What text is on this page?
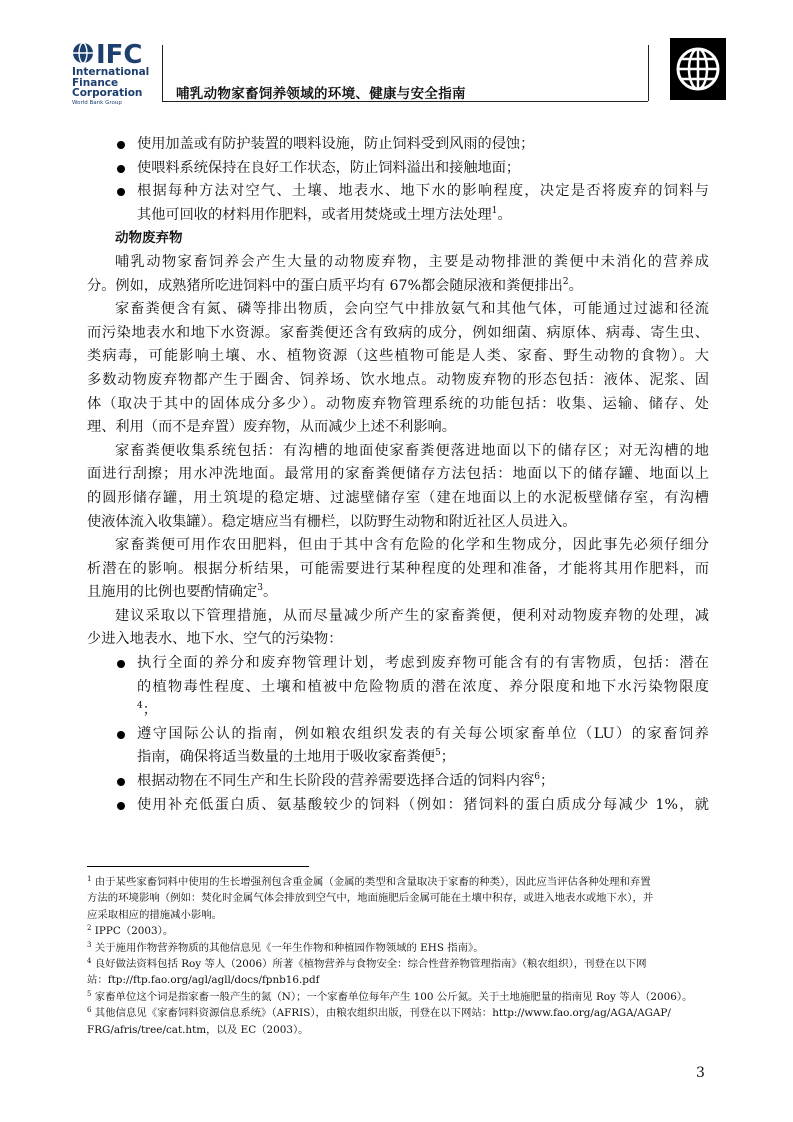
IFC
International
Finance
Corporation
World Bank Group
哺乳动物家畜饲养领域的环境、健康与安全指南
使用加盖或有防护装置的喂料设施，防止饲料受到风雨的侵蚀；
使喂料系统保持在良好工作状态，防止饲料溢出和接触地面；
根据每种方法对空气、土壤、地表水、地下水的影响程度，决定是否将废弃的饲料与
其他可回收的材料用作肥料，或者用焚烧或土埋方法处理$^1$。
动物废弃物
哺乳动物家畜饲养会产生大量的动物废弃物，主要是动物排泄的粪便中未消化的营养成
分。例如，成熟猪所吃进饲料中的蛋白质平均有 67%都会随尿液和粪便排出$^2$。
家畜粪便含有氮、磷等排出物质，会向空气中排放氨气和其他气体，可能通过过滤和径流
而污染地表水和地下水资源。家畜粪便还含有致病的成分，例如细菌、病原体、病毒、寄生虫、
类病毒，可能影响土壤、水、植物资源（这些植物可能是人类、家畜、野生动物的食物）。大
多数动物废弃物都产生于圈舍、饲养场、饮水地点。动物废弃物的形态包括：液体、泥浆、固
体（取决于其中的固体成分多少）。动物废弃物管理系统的功能包括：收集、运输、储存、处
理、利用（而不是弃置）废弃物，从而减少上述不利影响。
家畜粪便收集系统包括：有沟槽的地面使家畜粪便落进地面以下的储存区；对无沟槽的地
面进行刮擦；用水冲洗地面。最常用的家畜粪便储存方法包括：地面以下的储存罐、地面以上
的圆形储存罐，用土筑堤的稳定塘、过滤壁储存室（建在地面以上的水泥板壁储存室，有沟槽
使液体流入收集罐）。稳定塘应当有栅栏，以防野生动物和附近社区人员进入。
家畜粪便可用作农田肥料，但由于其中含有危险的化学和生物成分，因此事先必须仔细分
析潜在的影响。根据分析结果，可能需要进行某种程度的处理和准备，才能将其用作肥料，而
且施用的比例也要酌情确定$^3$。
建议采取以下管理措施，从而尽量减少所产生的家畜粪便，便利对动物废弃物的处理，减
少进入地表水、地下水、空气的污染物：
执行全面的养分和废弃物管理计划，考虑到废弃物可能含有的有害物质，包括：潜在
的植物毒性程度、土壤和植被中危险物质的潜在浓度、养分限度和地下水污染物限度
$^4$；
遵守国际公认的指南，例如粮农组织发表的有关每公顷家畜单位（LU）的家畜饲养
指南，确保将适当数量的土地用于吸收家畜粪便$^5$；
根据动物在不同生产和生长阶段的营养需要选择合适的饲料内容$^6$；
使用补充低蛋白质、氨基酸较少的饲料（例如：猪饲料的蛋白质成分每减少 1%，就
$^1$ 由于某些家畜饲料中使用的生长增强剂包含重金属（金属的类型和含量取决于家畜的种类），因此应当评估各种处理和弃置
方法的环境影响（例如：焚化时金属气体会排放到空气中，地面施肥后金属可能在土壤中积存，或进入地表水或地下水），并
应采取相应的措施减小影响。
$^2$ IPPC（2003）。
$^3$ 关于施用作物营养物质的其他信息见《一年生作物和种植园作物领域的 EHS 指南》。
$^4$ 良好做法资料包括 Roy 等人（2006）所著《植物营养与食物安全：综合性营养物管理指南》（粮农组织），刊登在以下网
站：ftp://ftp.fao.org/agl/agll/docs/fpnb16.pdf
$^5$ 家畜单位这个词是指家畜一般产生的氮（N）；一个家畜单位每年产生 100 公斤氮。关于土地施肥量的指南见 Roy 等人（2006）。
$^6$ 其他信息见《家畜饲料资源信息系统》（AFRIS），由粮农组织出版，刊登在以下网站：http://www.fao.org/ag/AGA/AGAP/
FRG/afris/tree/cat.htm，以及 EC（2003）。
3
